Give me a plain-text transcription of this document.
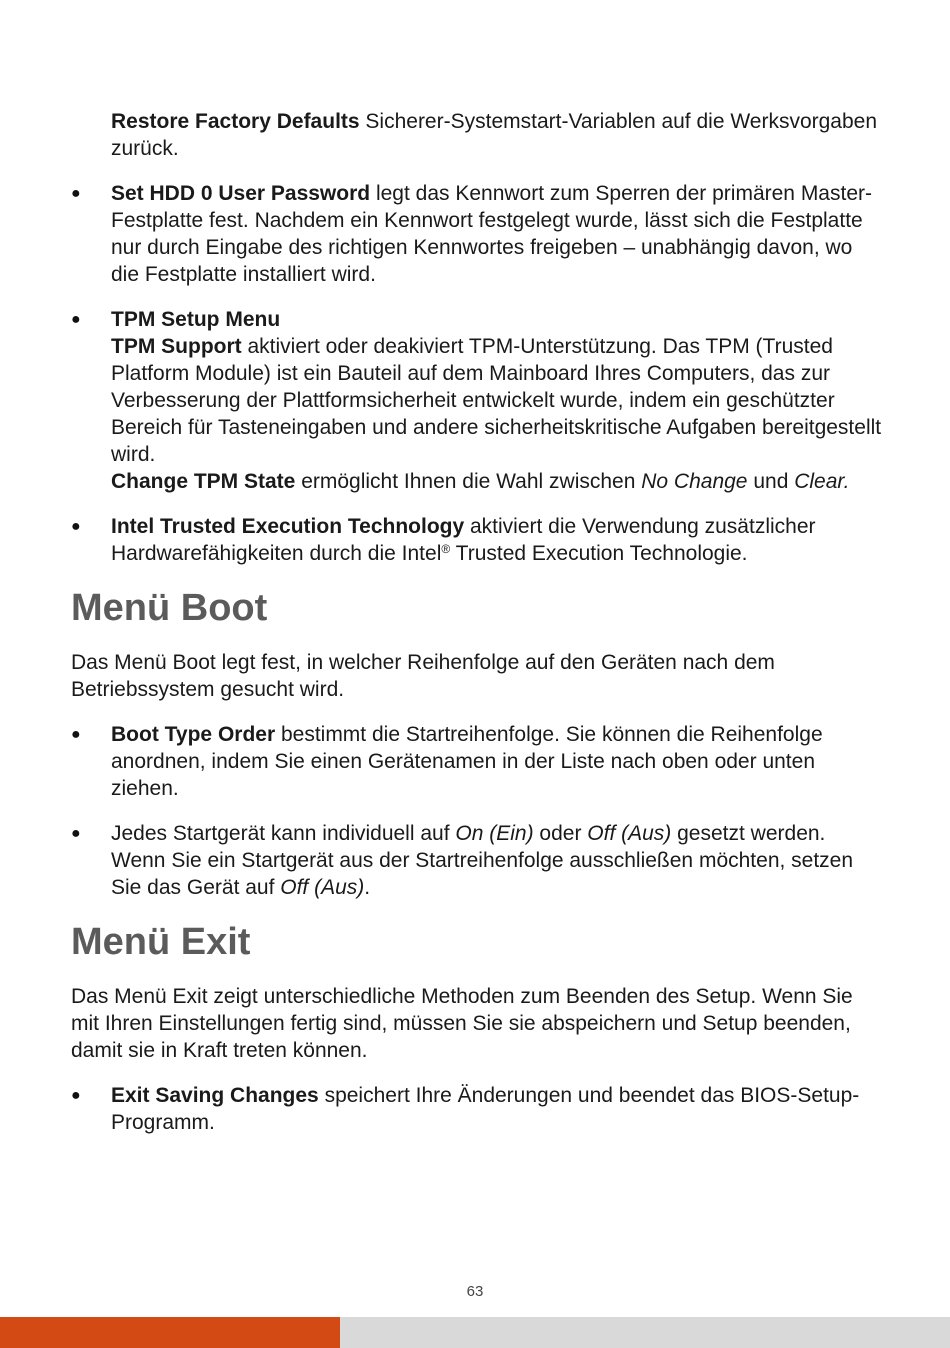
Restore Factory Defaults Sicherer-Systemstart-Variablen auf die Werksvorgaben zurück.

● Set HDD 0 User Password legt das Kennwort zum Sperren der primären Master-Festplatte fest. Nachdem ein Kennwort festgelegt wurde, lässt sich die Festplatte nur durch Eingabe des richtigen Kennwortes freigeben – unabhängig davon, wo die Festplatte installiert wird.

● TPM Setup Menu

TPM Support aktiviert oder deakiviert TPM-Unterstützung. Das TPM (Trusted Platform Module) ist ein Bauteil auf dem Mainboard Ihres Computers, das zur Verbesserung der Plattformsicherheit entwickelt wurde, indem ein geschützter Bereich für Tasteneingaben und andere sicherheitskritische Aufgaben bereitgestellt wird.

Change TPM State ermöglicht Ihnen die Wahl zwischen No Change und Clear.

● Intel Trusted Execution Technology aktiviert die Verwendung zusätzlicher Hardwarefähigkeiten durch die Intel® Trusted Execution Technologie.

Menü Boot

Das Menü Boot legt fest, in welcher Reihenfolge auf den Geräten nach dem Betriebssystem gesucht wird.

● Boot Type Order bestimmt die Startreihenfolge. Sie können die Reihenfolge anordnen, indem Sie einen Gerätenamen in der Liste nach oben oder unten ziehen.

● Jedes Startgerät kann individuell auf On (Ein) oder Off (Aus) gesetzt werden. Wenn Sie ein Startgerät aus der Startreihenfolge ausschließen möchten, setzen Sie das Gerät auf Off (Aus).

Menü Exit

Das Menü Exit zeigt unterschiedliche Methoden zum Beenden des Setup. Wenn Sie mit Ihren Einstellungen fertig sind, müssen Sie sie abspeichern und Setup beenden, damit sie in Kraft treten können.

● Exit Saving Changes speichert Ihre Änderungen und beendet das BIOS-Setup-Programm.

63
